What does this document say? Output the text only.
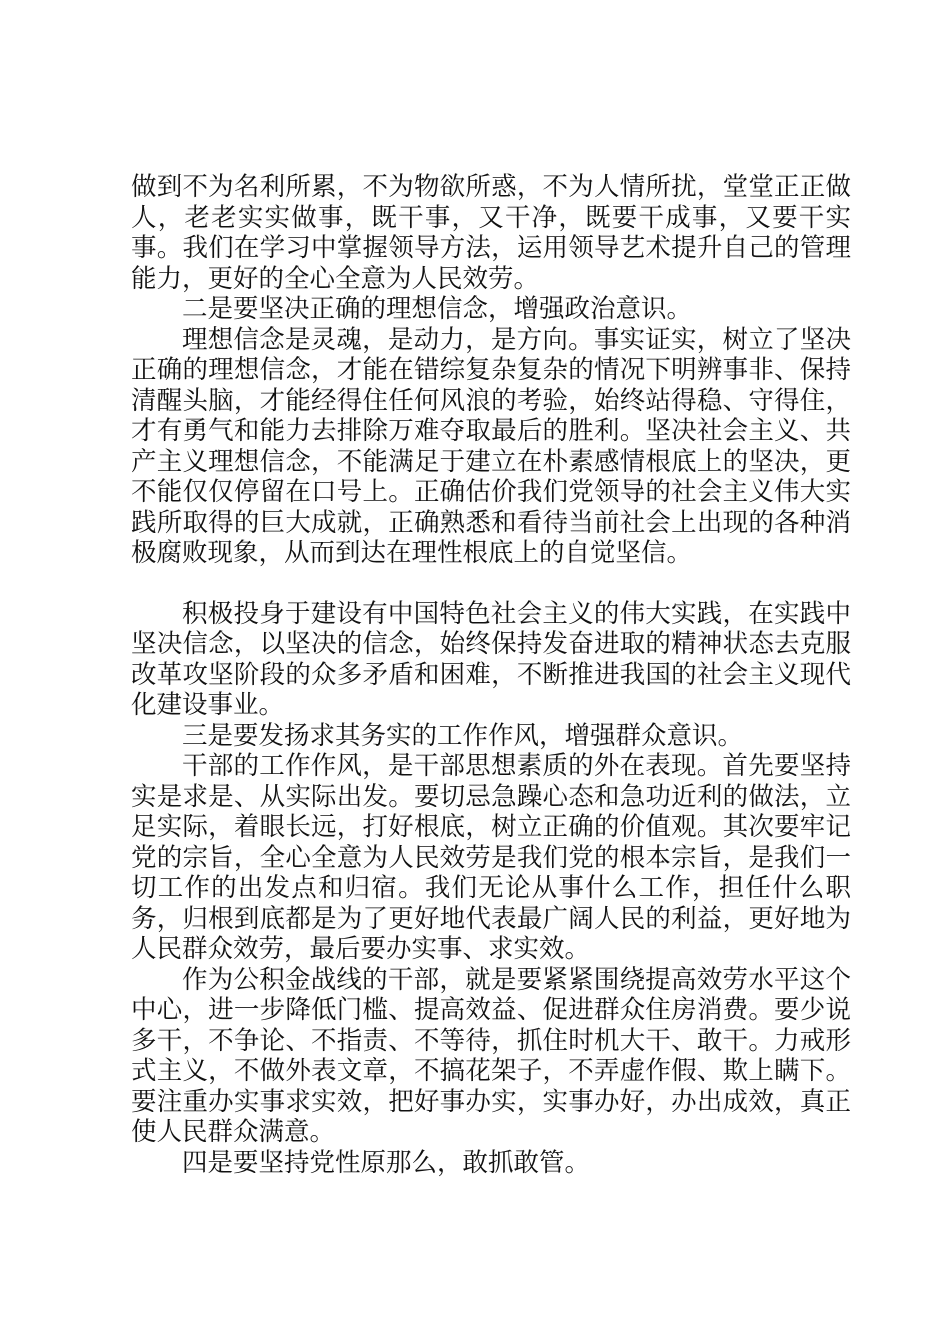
做到不为名利所累，不为物欲所惑，不为人情所扰，堂堂正正做人，老老实实做事，既干事，又干净，既要干成事，又要干实事。我们在学习中掌握领导方法，运用领导艺术提升自己的管理能力，更好的全心全意为人民效劳。

二是要坚决正确的理想信念，增强政治意识。

理想信念是灵魂，是动力，是方向。事实证实，树立了坚决正确的理想信念，才能在错综复杂复杂的情况下明辨事非、保持清醒头脑，才能经得住任何风浪的考验，始终站得稳、守得住，才有勇气和能力去排除万难夺取最后的胜利。坚决社会主义、共产主义理想信念，不能满足于建立在朴素感情根底上的坚决，更不能仅仅停留在口号上。正确估价我们党领导的社会主义伟大实践所取得的巨大成就，正确熟悉和看待当前社会上出现的各种消极腐败现象，从而到达在理性根底上的自觉坚信。

积极投身于建设有中国特色社会主义的伟大实践，在实践中坚决信念，以坚决的信念，始终保持发奋进取的精神状态去克服改革攻坚阶段的众多矛盾和困难，不断推进我国的社会主义现代化建设事业。

三是要发扬求其务实的工作作风，增强群众意识。

干部的工作作风，是干部思想素质的外在表现。首先要坚持实是求是、从实际出发。要切忌急躁心态和急功近利的做法，立足实际，着眼长远，打好根底，树立正确的价值观。其次要牢记党的宗旨，全心全意为人民效劳是我们党的根本宗旨，是我们一切工作的出发点和归宿。我们无论从事什么工作，担任什么职务，归根到底都是为了更好地代表最广阔人民的利益，更好地为人民群众效劳，最后要办实事、求实效。

作为公积金战线的干部，就是要紧紧围绕提高效劳水平这个中心，进一步降低门槛、提高效益、促进群众住房消费。要少说多干，不争论、不指责、不等待，抓住时机大干、敢干。力戒形式主义，不做外表文章，不搞花架子，不弄虚作假、欺上瞒下。要注重办实事求实效，把好事办实，实事办好，办出成效，真正使人民群众满意。

四是要坚持党性原那么，敢抓敢管。
